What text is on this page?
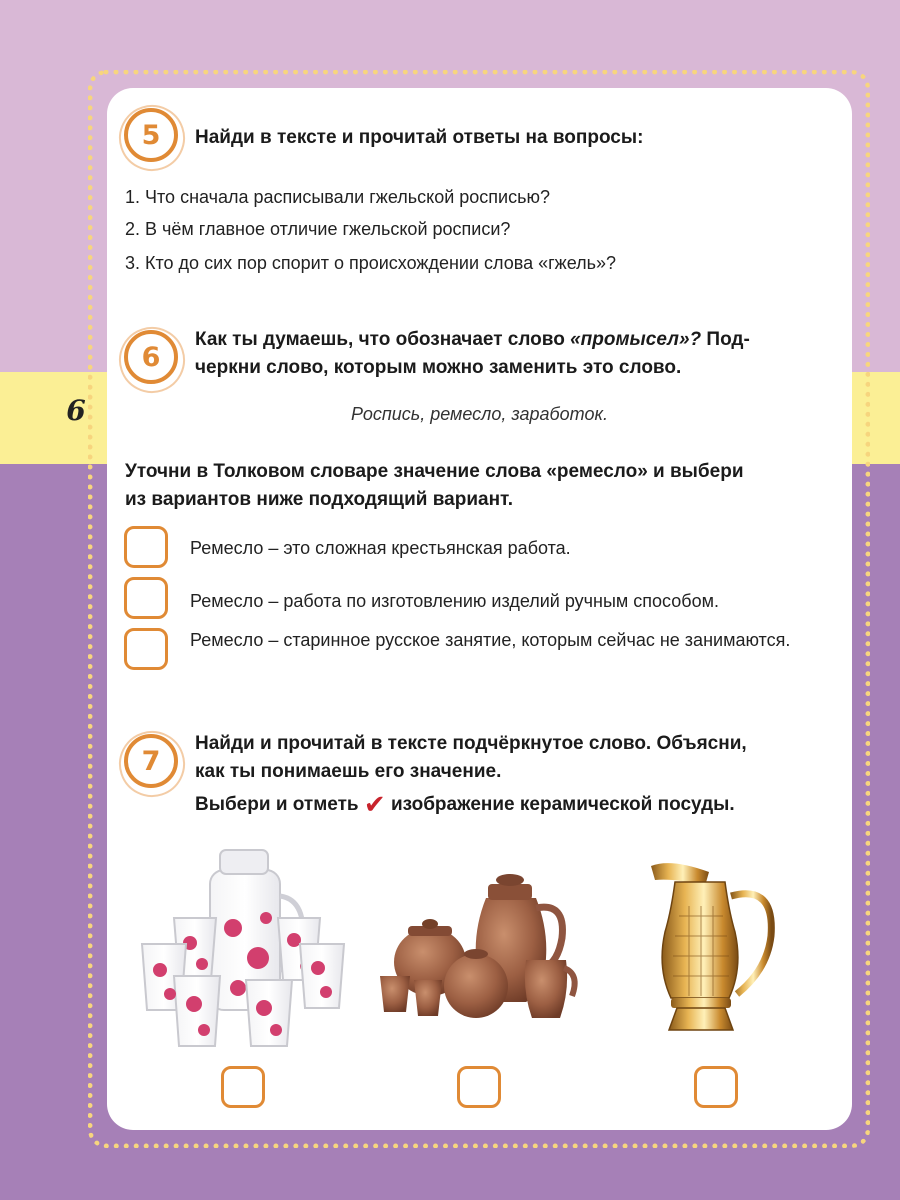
6
5	Найди в тексте и прочитай ответы на вопросы:
1. Что сначала расписывали гжельской росписью?
2. В чём главное отличие гжельской росписи?
3. Кто до сих пор спорит о происхождении слова «гжель»?
6
Как ты думаешь, что обозначает слово «промысел»? Под-
черкни слово, которым можно заменить это слово.
Роспись, ремесло, заработок.
Уточни в Толковом словаре значение слова «ремесло» и выбери
из вариантов ниже подходящий вариант.
Ремесло – это сложная крестьянская работа.
Ремесло – работа по изготовлению изделий ручным способом.
Ремесло – старинное русское занятие, которым сейчас не занимаются.
7
Найди и прочитай в тексте подчёркнутое слово. Объясни,
как ты понимаешь его значение.
Выбери и отметь ✔ изображение керамической посуды.
